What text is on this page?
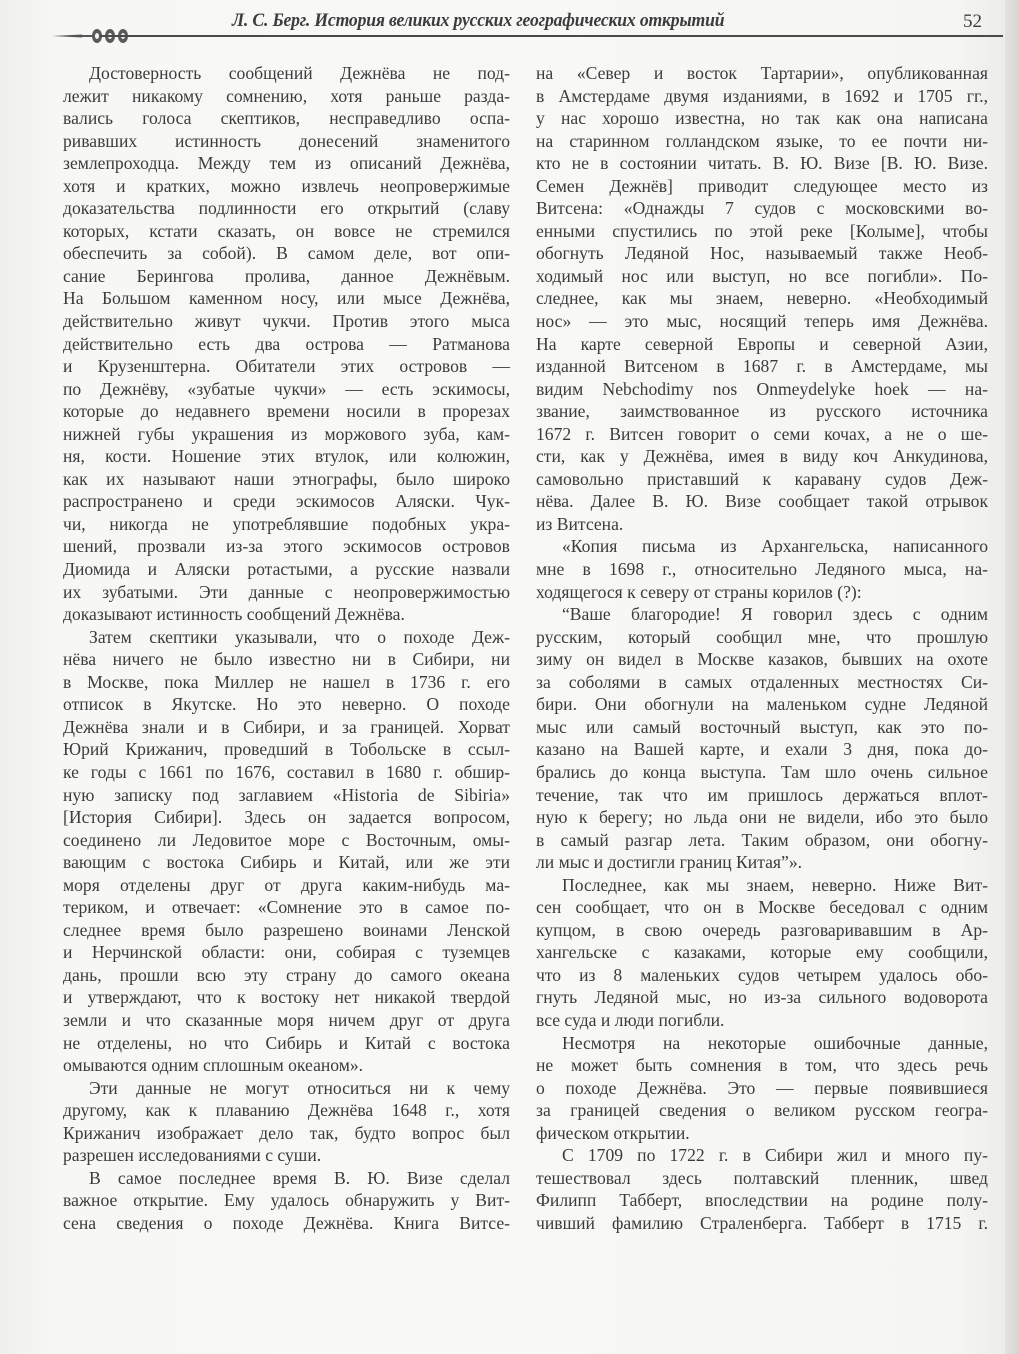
Л. С. Берг. История великих русских географических открытий	52

Достоверность сообщений Дежнёва не под-
лежит никакому сомнению, хотя раньше разда-
вались голоса скептиков, несправедливо оспа-
ривавших истинность донесений знаменитого
землепроходца. Между тем из описаний Дежнёва,
хотя и кратких, можно извлечь неопровержимые
доказательства подлинности его открытий (славу
которых, кстати сказать, он вовсе не стремился
обеспечить за собой). В самом деле, вот опи-
сание Берингова пролива, данное Дежнёвым.
На Большом каменном носу, или мысе Дежнёва,
действительно живут чукчи. Против этого мыса
действительно есть два острова — Ратманова
и Крузенштерна. Обитатели этих островов —
по Дежнёву, «зубатые чукчи» — есть эскимосы,
которые до недавнего времени носили в прорезах
нижней губы украшения из моржового зуба, кам-
ня, кости. Ношение этих втулок, или колюжин,
как их называют наши этнографы, было широко
распространено и среди эскимосов Аляски. Чук-
чи, никогда не употреблявшие подобных укра-
шений, прозвали из-за этого эскимосов островов
Диомида и Аляски ротастыми, а русские назвали
их зубатыми. Эти данные с неопровержимостью
доказывают истинность сообщений Дежнёва.

Затем скептики указывали, что о походе Деж-
нёва ничего не было известно ни в Сибири, ни
в Москве, пока Миллер не нашел в 1736 г. его
отписок в Якутске. Но это неверно. О походе
Дежнёва знали и в Сибири, и за границей. Хорват
Юрий Крижанич, проведший в Тобольске в ссыл-
ке годы с 1661 по 1676, составил в 1680 г. обшир-
ную записку под заглавием «Historia de Sibiria»
[История Сибири]. Здесь он задается вопросом,
соединено ли Ледовитое море с Восточным, омы-
вающим с востока Сибирь и Китай, или же эти
моря отделены друг от друга каким-нибудь ма-
териком, и отвечает: «Сомнение это в самое по-
следнее время было разрешено воинами Ленской
и Нерчинской области: они, собирая с туземцев
дань, прошли всю эту страну до самого океана
и утверждают, что к востоку нет никакой твердой
земли и что сказанные моря ничем друг от друга
не отделены, но что Сибирь и Китай с востока
омываются одним сплошным океаном».

Эти данные не могут относиться ни к чему
другому, как к плаванию Дежнёва 1648 г., хотя
Крижанич изображает дело так, будто вопрос был
разрешен исследованиями с суши.

В самое последнее время В. Ю. Визе сделал
важное открытие. Ему удалось обнаружить у Вит-
сена сведения о походе Дежнёва. Книга Витсе-

на «Север и восток Тартарии», опубликованная
в Амстердаме двумя изданиями, в 1692 и 1705 гг.,
у нас хорошо известна, но так как она написана
на старинном голландском языке, то ее почти ни-
кто не в состоянии читать. В. Ю. Визе [В. Ю. Визе.
Семен Дежнёв] приводит следующее место из
Витсена: «Однажды 7 судов с московскими во-
енными спустились по этой реке [Колыме], чтобы
обогнуть Ледяной Нос, называемый также Необ-
ходимый нос или выступ, но все погибли». По-
следнее, как мы знаем, неверно. «Необходимый
нос» — это мыс, носящий теперь имя Дежнёва.
На карте северной Европы и северной Азии,
изданной Витсеном в 1687 г. в Амстердаме, мы
видим Nebchodimy nos Onmeydelyke hoek — на-
звание, заимствованное из русского источника
1672 г. Витсен говорит о семи кочах, а не о ше-
сти, как у Дежнёва, имея в виду коч Анкудинова,
самовольно приставший к каравану судов Деж-
нёва. Далее В. Ю. Визе сообщает такой отрывок
из Витсена.

«Копия письма из Архангельска, написанного
мне в 1698 г., относительно Ледяного мыса, на-
ходящегося к северу от страны корилов (?):

“Ваше благородие! Я говорил здесь с одним
русским, который сообщил мне, что прошлую
зиму он видел в Москве казаков, бывших на охоте
за соболями в самых отдаленных местностях Си-
бири. Они обогнули на маленьком судне Ледяной
мыс или самый восточный выступ, как это по-
казано на Вашей карте, и ехали 3 дня, пока до-
брались до конца выступа. Там шло очень сильное
течение, так что им пришлось держаться вплот-
ную к берегу; но льда они не видели, ибо это было
в самый разгар лета. Таким образом, они обогну-
ли мыс и достигли границ Китая”».

Последнее, как мы знаем, неверно. Ниже Вит-
сен сообщает, что он в Москве беседовал с одним
купцом, в свою очередь разговаривавшим в Ар-
хангельске с казаками, которые ему сообщили,
что из 8 маленьких судов четырем удалось обо-
гнуть Ледяной мыс, но из-за сильного водоворота
все суда и люди погибли.

Несмотря на некоторые ошибочные данные,
не может быть сомнения в том, что здесь речь
о походе Дежнёва. Это — первые появившиеся
за границей сведения о великом русском геогра-
фическом открытии.

С 1709 по 1722 г. в Сибири жил и много пу-
тешествовал здесь полтавский пленник, швед
Филипп Табберт, впоследствии на родине полу-
чивший фамилию Страленберга. Табберт в 1715 г.
